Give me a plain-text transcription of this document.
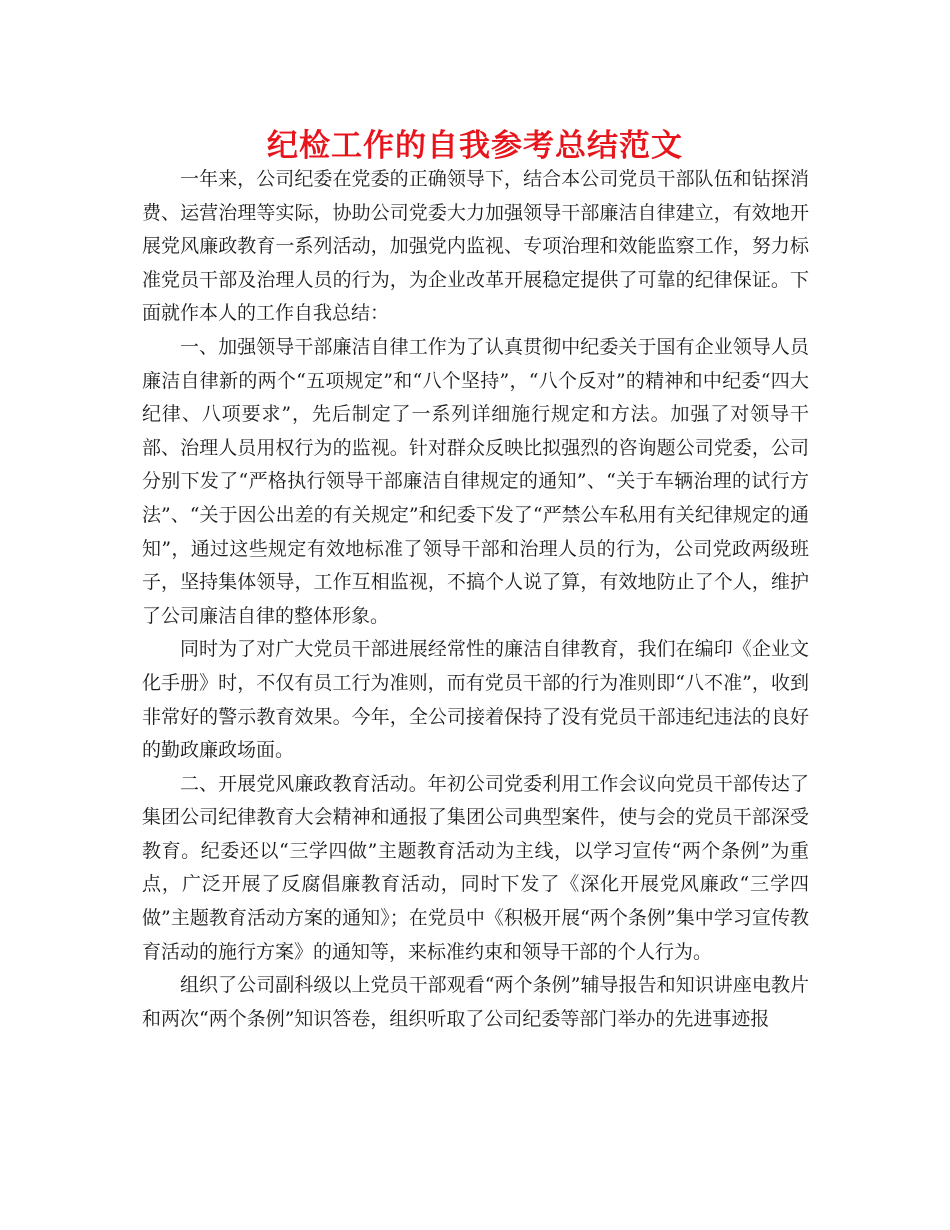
纪检工作的自我参考总结范文

一年来，公司纪委在党委的正确领导下，结合本公司党员干部队伍和钻探消费、运营治理等实际，协助公司党委大力加强领导干部廉洁自律建立，有效地开展党风廉政教育一系列活动，加强党内监视、专项治理和效能监察工作，努力标准党员干部及治理人员的行为，为企业改革开展稳定提供了可靠的纪律保证。下面就作本人的工作自我总结：

一、加强领导干部廉洁自律工作为了认真贯彻中纪委关于国有企业领导人员廉洁自律新的两个“五项规定”和“八个坚持”，“八个反对”的精神和中纪委“四大纪律、八项要求”，先后制定了一系列详细施行规定和方法。加强了对领导干部、治理人员用权行为的监视。针对群众反映比拟强烈的咨询题公司党委，公司分别下发了“严格执行领导干部廉洁自律规定的通知”、“关于车辆治理的试行方法”、“关于因公出差的有关规定”和纪委下发了“严禁公车私用有关纪律规定的通知”，通过这些规定有效地标准了领导干部和治理人员的行为，公司党政两级班子，坚持集体领导，工作互相监视，不搞个人说了算，有效地防止了个人，维护了公司廉洁自律的整体形象。

同时为了对广大党员干部进展经常性的廉洁自律教育，我们在编印《企业文化手册》时，不仅有员工行为准则，而有党员干部的行为准则即“八不准”，收到非常好的警示教育效果。今年，全公司接着保持了没有党员干部违纪违法的良好的勤政廉政场面。

二、开展党风廉政教育活动。年初公司党委利用工作会议向党员干部传达了集团公司纪律教育大会精神和通报了集团公司典型案件，使与会的党员干部深受教育。纪委还以“三学四做”主题教育活动为主线，以学习宣传“两个条例”为重点，广泛开展了反腐倡廉教育活动，同时下发了《深化开展党风廉政“三学四做”主题教育活动方案的通知》；在党员中《积极开展“两个条例”集中学习宣传教育活动的施行方案》的通知等，来标准约束和领导干部的个人行为。

组织了公司副科级以上党员干部观看“两个条例”辅导报告和知识讲座电教片和两次“两个条例”知识答卷，组织听取了公司纪委等部门举办的先进事迹报
